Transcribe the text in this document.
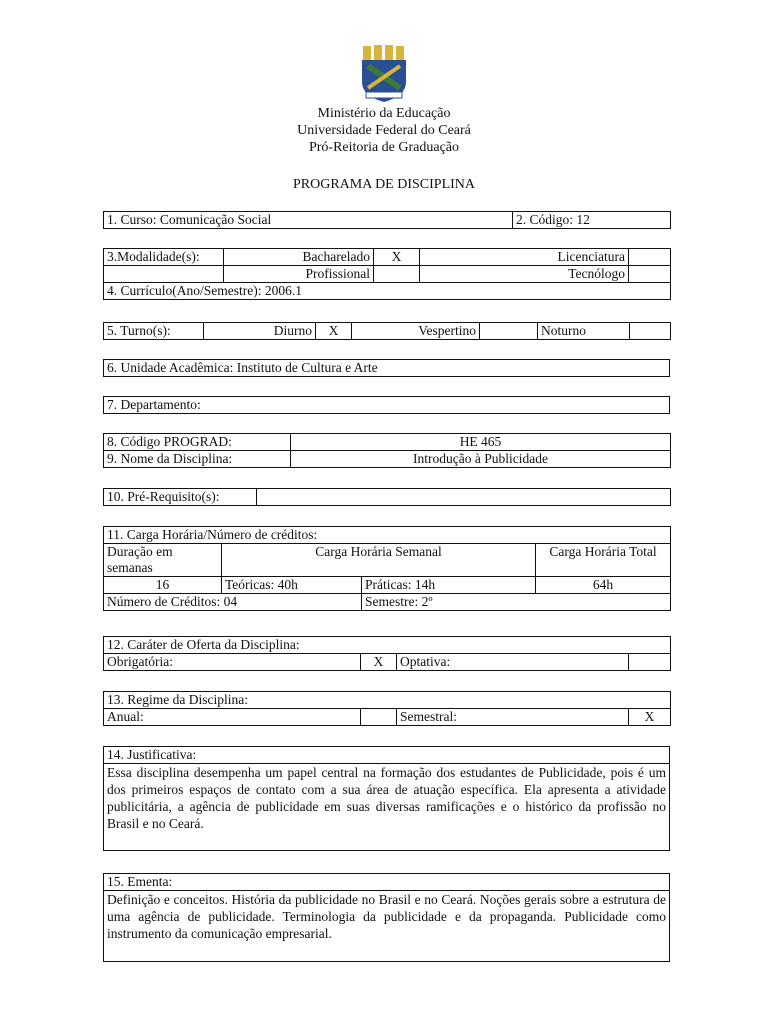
Ministério da Educação
Universidade Federal do Ceará
Pró-Reitoria de Graduação
PROGRAMA DE DISCIPLINA
1. Curso: Comunicação Social	2. Código: 12
3.Modalidade(s):	Bacharelado	X	Licenciatura	
	Profissional		Tecnólogo	
4. Currículo(Ano/Semestre): 2006.1				
5. Turno(s):	Diurno	X	Vespertino		Noturno	
6. Unidade Acadêmica: Instituto de Cultura e Arte
7. Departamento:
8. Código PROGRAD:	HE 465
9. Nome da Disciplina:	Introdução à Publicidade
10. Pré-Requisito(s):	
11. Carga Horária/Número de créditos:			
Duração em semanas	Carga Horária Semanal		Carga Horária Total
16	Teóricas: 40h	Práticas: 14h	64h
Número de Créditos: 04		Semestre: 2º	
12. Caráter de Oferta da Disciplina:
Obrigatória:	X	Optativa:	
13. Regime da Disciplina:
Anual:		Semestral:	X
14. Justificativa:
Essa disciplina desempenha um papel central na formação dos estudantes de Publicidade, pois é um dos primeiros espaços de contato com a sua área de atuação específica. Ela apresenta a atividade publicitária, a agência de publicidade em suas diversas ramificações e o histórico da profissão no Brasil e no Ceará.
15. Ementa:
Definição e conceitos. História da publicidade no Brasil e no Ceará. Noções gerais sobre a estrutura de uma agência de publicidade. Terminologia da publicidade e da propaganda. Publicidade como instrumento da comunicação empresarial.
